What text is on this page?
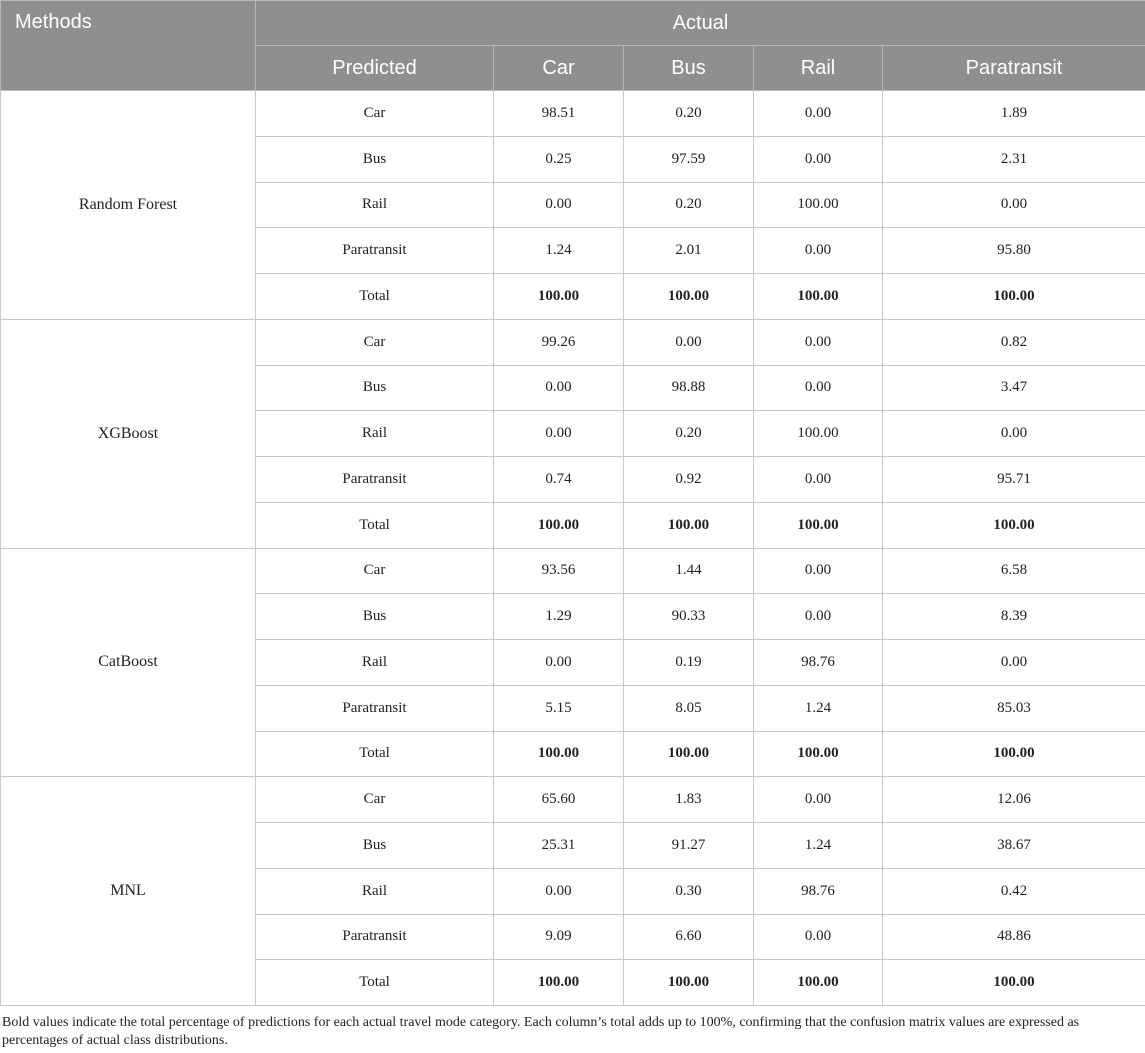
Methods	Actual				
	Predicted	Car	Bus	Rail	Paratransit
Random Forest	Car	98.51	0.20	0.00	1.89
	Bus	0.25	97.59	0.00	2.31
	Rail	0.00	0.20	100.00	0.00
	Paratransit	1.24	2.01	0.00	95.80
	Total	100.00	100.00	100.00	100.00
XGBoost	Car	99.26	0.00	0.00	0.82
	Bus	0.00	98.88	0.00	3.47
	Rail	0.00	0.20	100.00	0.00
	Paratransit	0.74	0.92	0.00	95.71
	Total	100.00	100.00	100.00	100.00
CatBoost	Car	93.56	1.44	0.00	6.58
	Bus	1.29	90.33	0.00	8.39
	Rail	0.00	0.19	98.76	0.00
	Paratransit	5.15	8.05	1.24	85.03
	Total	100.00	100.00	100.00	100.00
MNL	Car	65.60	1.83	0.00	12.06
	Bus	25.31	91.27	1.24	38.67
	Rail	0.00	0.30	98.76	0.42
	Paratransit	9.09	6.60	0.00	48.86
	Total	100.00	100.00	100.00	100.00
Bold values indicate the total percentage of predictions for each actual travel mode category. Each column’s total adds up to 100%, confirming that the confusion matrix values are expressed as percentages of actual class distributions.
